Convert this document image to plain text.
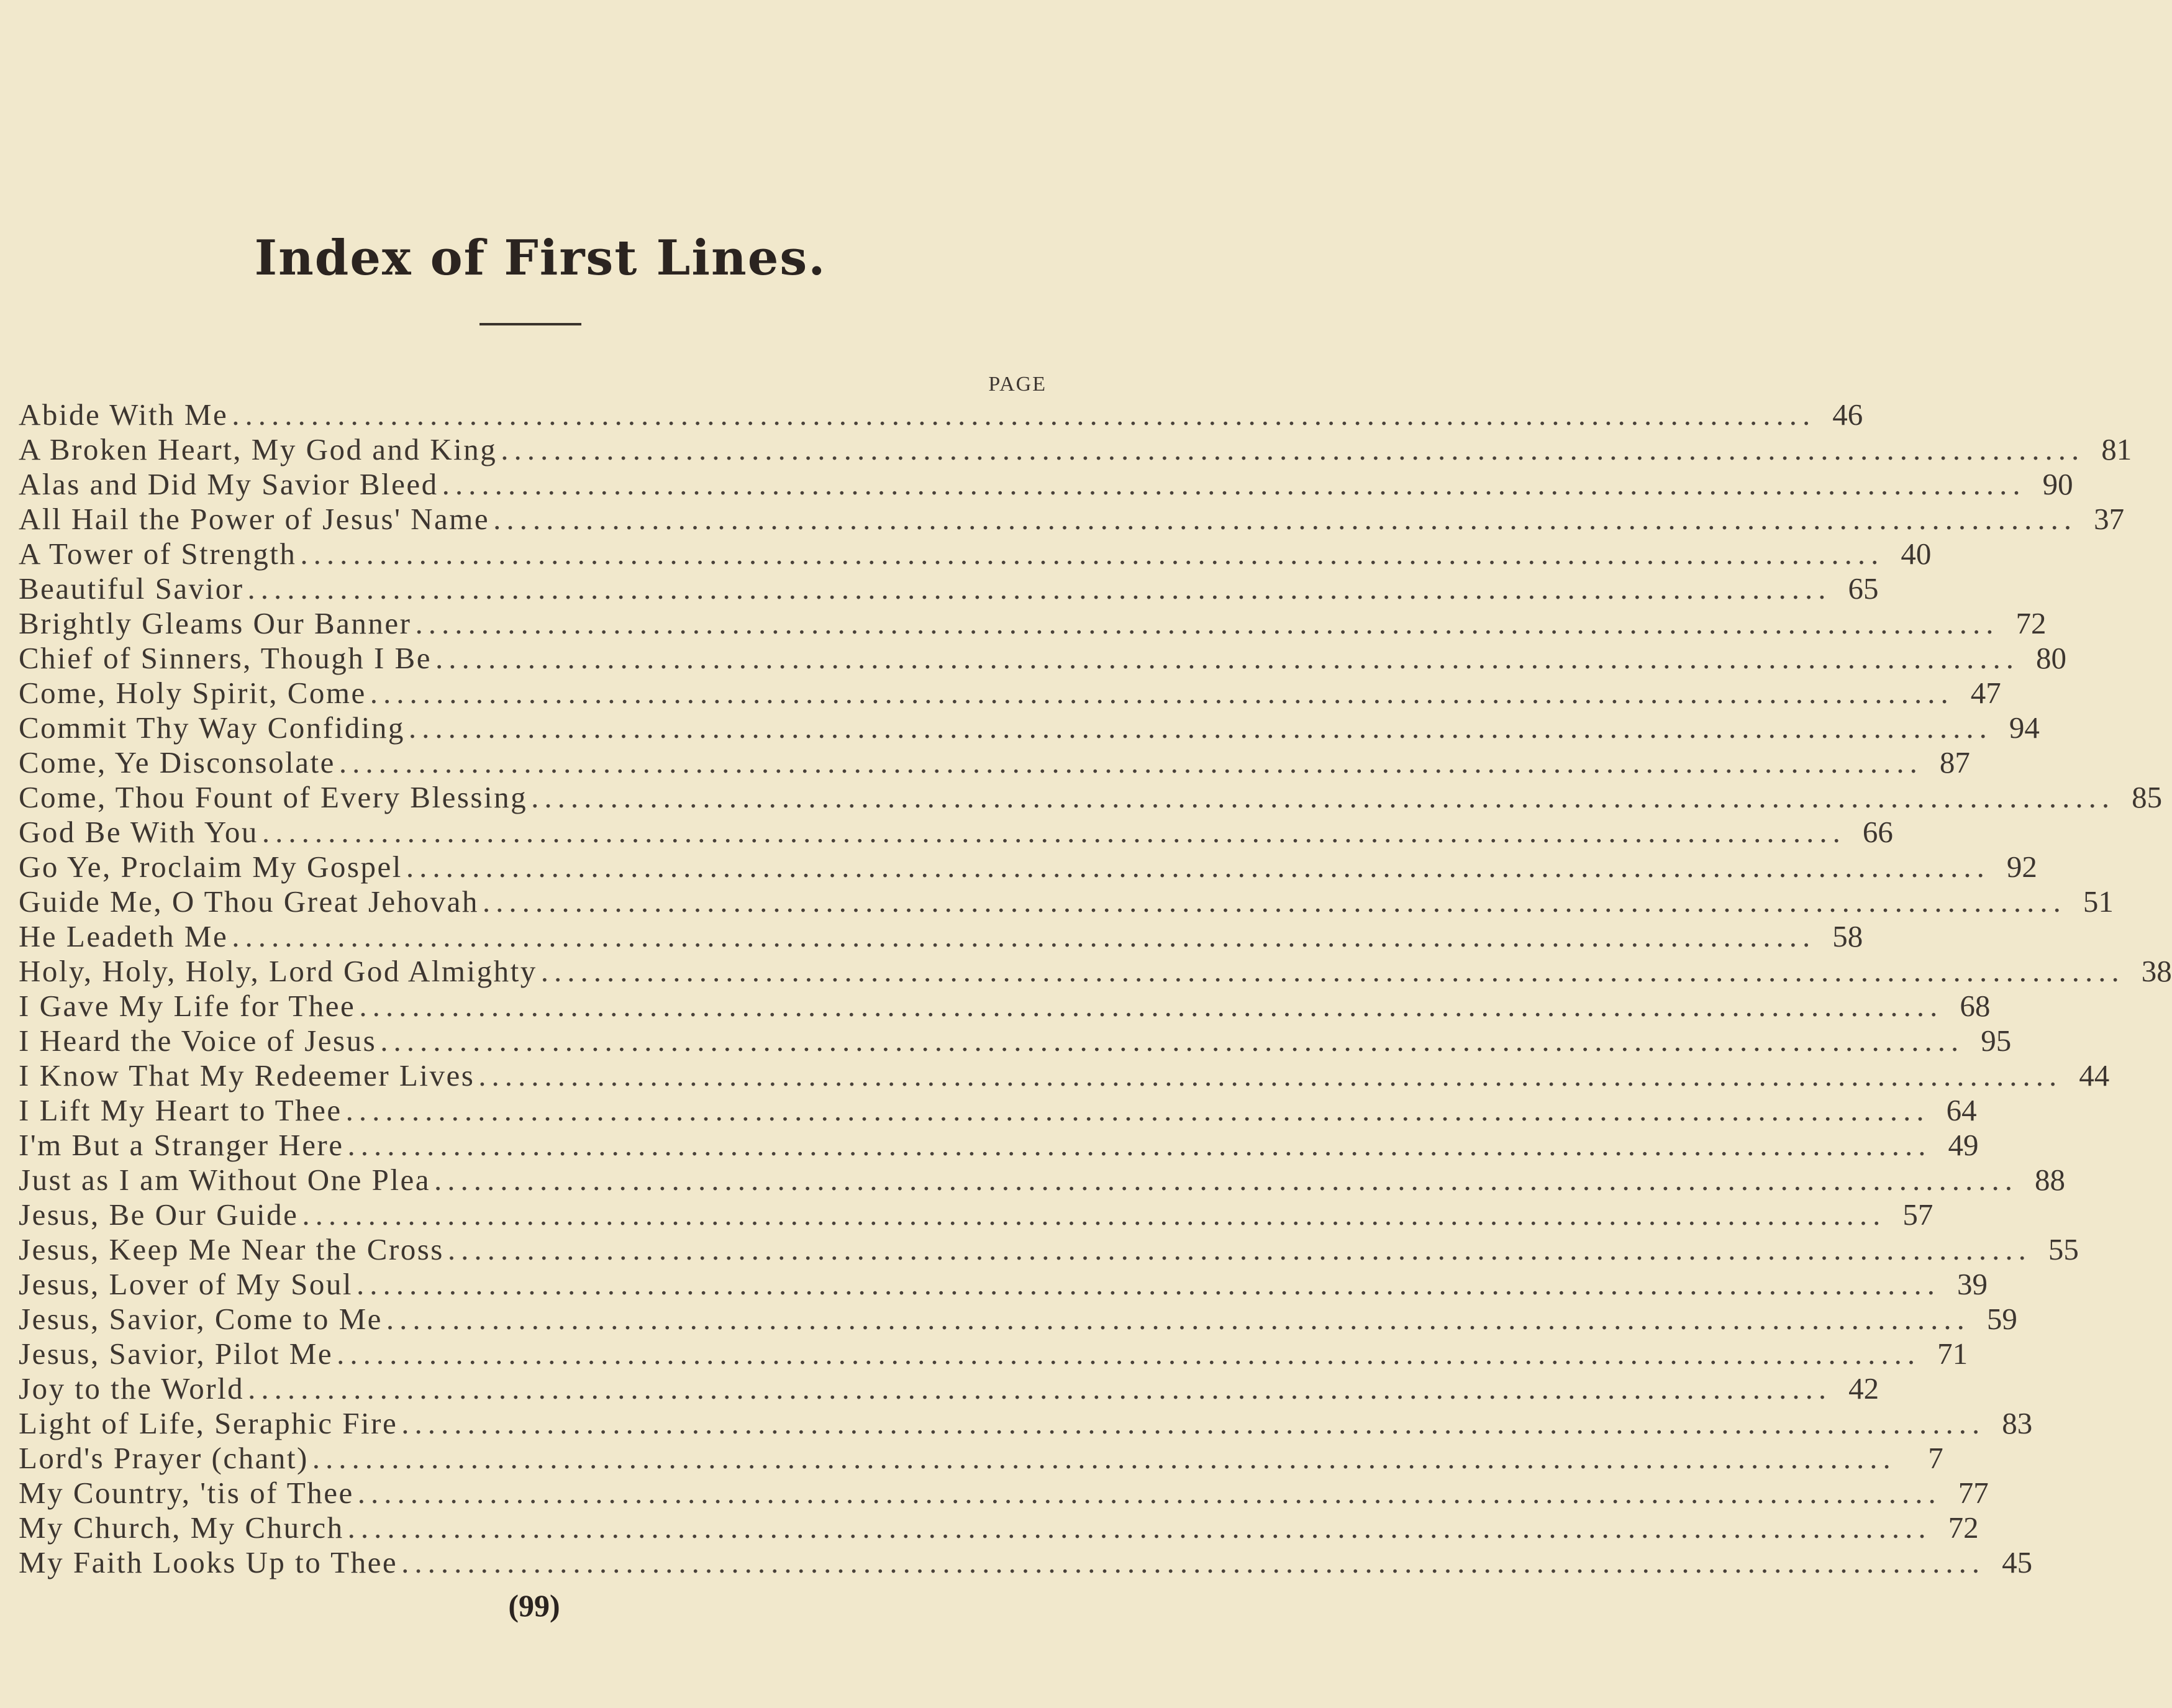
Index of First Lines.
PAGE
Abide With Me ........................................................................................................................ 46
A Broken Heart, My God and King ........................................................................................................................ 81
Alas and Did My Savior Bleed ........................................................................................................................ 90
All Hail the Power of Jesus' Name ........................................................................................................................ 37
A Tower of Strength ........................................................................................................................ 40
Beautiful Savior ........................................................................................................................ 65
Brightly Gleams Our Banner ........................................................................................................................ 72
Chief of Sinners, Though I Be ........................................................................................................................ 80
Come, Holy Spirit, Come ........................................................................................................................ 47
Commit Thy Way Confiding ........................................................................................................................ 94
Come, Ye Disconsolate ........................................................................................................................ 87
Come, Thou Fount of Every Blessing ........................................................................................................................ 85
God Be With You ........................................................................................................................ 66
Go Ye, Proclaim My Gospel ........................................................................................................................ 92
Guide Me, O Thou Great Jehovah ........................................................................................................................ 51
He Leadeth Me ........................................................................................................................ 58
Holy, Holy, Holy, Lord God Almighty ........................................................................................................................ 38
I Gave My Life for Thee ........................................................................................................................ 68
I Heard the Voice of Jesus ........................................................................................................................ 95
I Know That My Redeemer Lives ........................................................................................................................ 44
I Lift My Heart to Thee ........................................................................................................................ 64
I'm But a Stranger Here ........................................................................................................................ 49
Just as I am Without One Plea ........................................................................................................................ 88
Jesus, Be Our Guide ........................................................................................................................ 57
Jesus, Keep Me Near the Cross ........................................................................................................................ 55
Jesus, Lover of My Soul ........................................................................................................................ 39
Jesus, Savior, Come to Me ........................................................................................................................ 59
Jesus, Savior, Pilot Me ........................................................................................................................ 71
Joy to the World ........................................................................................................................ 42
Light of Life, Seraphic Fire ........................................................................................................................ 83
Lord's Prayer (chant) ........................................................................................................................	7
My Country, 'tis of Thee ........................................................................................................................ 77
My Church, My Church ........................................................................................................................ 72
My Faith Looks Up to Thee ........................................................................................................................ 45
(99)
